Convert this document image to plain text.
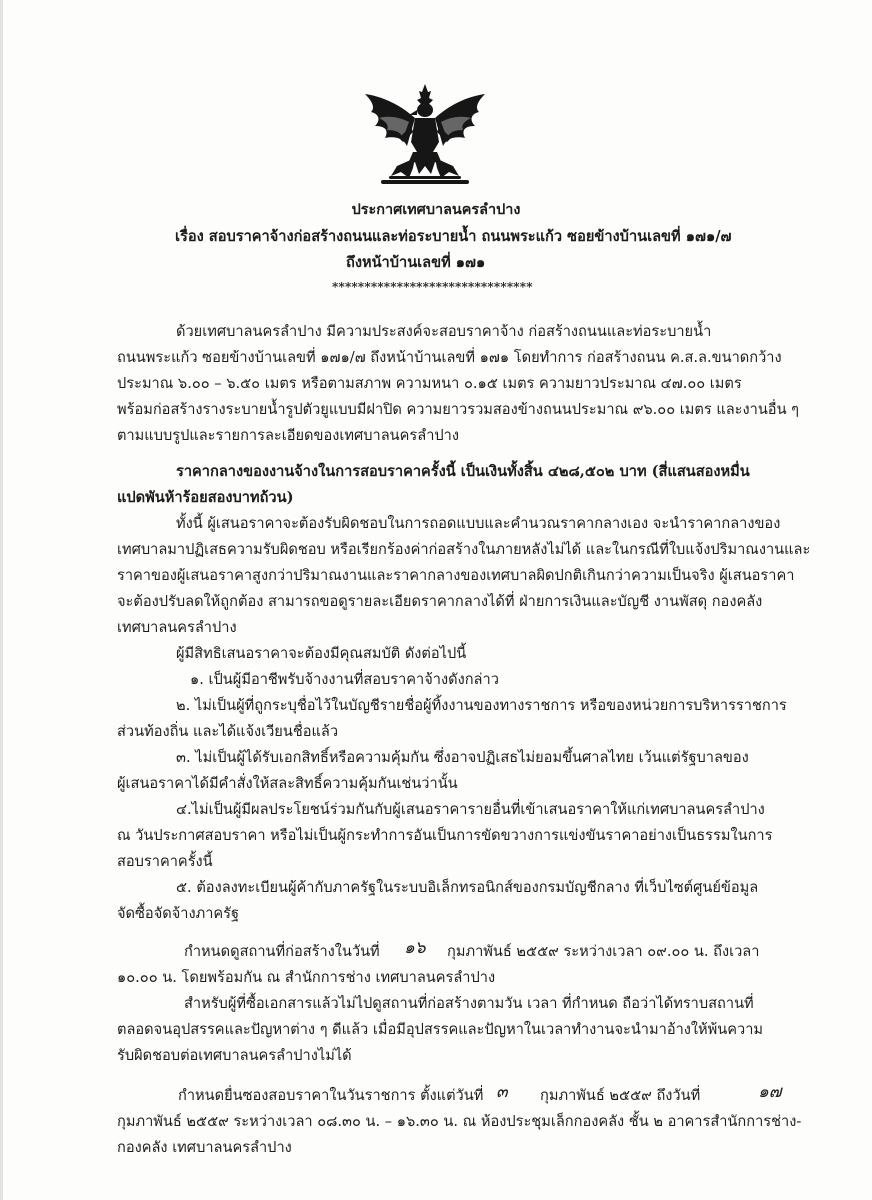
ประกาศเทศบาลนครลำปาง
เรื่อง สอบราคาจ้างก่อสร้างถนนและท่อระบายน้ำ ถนนพระแก้ว ซอยข้างบ้านเลขที่ ๑๗๑/๗
ถึงหน้าบ้านเลขที่ ๑๗๑
*******************************
ด้วยเทศบาลนครลำปาง มีความประสงค์จะสอบราคาจ้าง ก่อสร้างถนนและท่อระบายน้ำ
ถนนพระแก้ว ซอยข้างบ้านเลขที่ ๑๗๑/๗ ถึงหน้าบ้านเลขที่ ๑๗๑ โดยทำการ ก่อสร้างถนน ค.ส.ล.ขนาดกว้าง
ประมาณ ๖.๐๐ – ๖.๕๐ เมตร หรือตามสภาพ ความหนา ๐.๑๕ เมตร ความยาวประมาณ ๔๗.๐๐ เมตร
พร้อมก่อสร้างรางระบายน้ำรูปตัวยูแบบมีฝาปิด ความยาวรวมสองข้างถนนประมาณ ๙๖.๐๐ เมตร และงานอื่น ๆ
ตามแบบรูปและรายการละเอียดของเทศบาลนครลำปาง
ราคากลางของงานจ้างในการสอบราคาครั้งนี้ เป็นเงินทั้งสิ้น ๔๒๘,๕๐๒ บาท (สี่แสนสองหมื่น
แปดพันห้าร้อยสองบาทถ้วน)
ทั้งนี้ ผู้เสนอราคาจะต้องรับผิดชอบในการถอดแบบและคำนวณราคากลางเอง จะนำราคากลางของ
เทศบาลมาปฏิเสธความรับผิดชอบ หรือเรียกร้องค่าก่อสร้างในภายหลังไม่ได้ และในกรณีที่ใบแจ้งปริมาณงานและ
ราคาของผู้เสนอราคาสูงกว่าปริมาณงานและราคากลางของเทศบาลผิดปกติเกินกว่าความเป็นจริง ผู้เสนอราคา
จะต้องปรับลดให้ถูกต้อง สามารถขอดูรายละเอียดราคากลางได้ที่ ฝ่ายการเงินและบัญชี งานพัสดุ กองคลัง
เทศบาลนครลำปาง
ผู้มีสิทธิเสนอราคาจะต้องมีคุณสมบัติ ดังต่อไปนี้
๑. เป็นผู้มีอาชีพรับจ้างงานที่สอบราคาจ้างดังกล่าว
๒. ไม่เป็นผู้ที่ถูกระบุชื่อไว้ในบัญชีรายชื่อผู้ทิ้งงานของทางราชการ หรือของหน่วยการบริหารราชการ
ส่วนท้องถิ่น และได้แจ้งเวียนชื่อแล้ว
๓. ไม่เป็นผู้ได้รับเอกสิทธิ์หรือความคุ้มกัน ซึ่งอาจปฏิเสธไม่ยอมขึ้นศาลไทย เว้นแต่รัฐบาลของ
ผู้เสนอราคาได้มีคำสั่งให้สละสิทธิ์ความคุ้มกันเช่นว่านั้น
๔.ไม่เป็นผู้มีผลประโยชน์ร่วมกันกับผู้เสนอราคารายอื่นที่เข้าเสนอราคาให้แก่เทศบาลนครลำปาง
ณ วันประกาศสอบราคา หรือไม่เป็นผู้กระทำการอันเป็นการขัดขวางการแข่งขันราคาอย่างเป็นธรรมในการ
สอบราคาครั้งนี้
๕. ต้องลงทะเบียนผู้ค้ากับภาครัฐในระบบอิเล็กทรอนิกส์ของกรมบัญชีกลาง ที่เว็บไซต์ศูนย์ข้อมูล
จัดซื้อจัดจ้างภาครัฐ
กำหนดดูสถานที่ก่อสร้างในวันที่ ๑๖ กุมภาพันธ์ ๒๕๕๙ ระหว่างเวลา ๐๙.๐๐ น. ถึงเวลา
๑๐.๐๐ น. โดยพร้อมกัน ณ สำนักการช่าง เทศบาลนครลำปาง
สำหรับผู้ที่ซื้อเอกสารแล้วไม่ไปดูสถานที่ก่อสร้างตามวัน เวลา ที่กำหนด ถือว่าได้ทราบสถานที่
ตลอดจนอุปสรรคและปัญหาต่าง ๆ ดีแล้ว เมื่อมีอุปสรรคและปัญหาในเวลาทำงานจะนำมาอ้างให้พ้นความ
รับผิดชอบต่อเทศบาลนครลำปางไม่ได้
กำหนดยื่นซองสอบราคาในวันราชการ ตั้งแต่วันที่ ๓ กุมภาพันธ์ ๒๕๕๙ ถึงวันที่	๑๗
กุมภาพันธ์ ๒๕๕๙ ระหว่างเวลา ๐๘.๓๐ น. – ๑๖.๓๐ น. ณ ห้องประชุมเล็กกองคลัง ชั้น ๒ อาคารสำนักการช่าง-
กองคลัง เทศบาลนครลำปาง
